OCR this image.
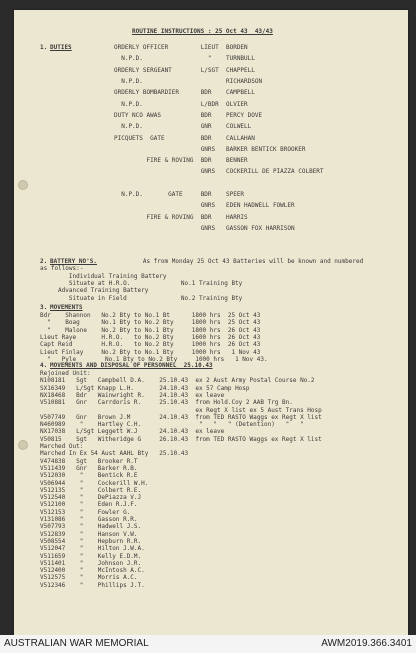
ROUTINE INSTRUCTIONS : 25 Oct 43  43/43
1. DUTIES	ORDERLY OFFICER         LIEUT  BORDEN
N.P.D.                  "    TURNBULL
ORDERLY SERGEANT        L/SGT  CHAPPELL
N.P.D.                       RICHARDSON
ORDERLY BOMBARDIER      BDR    CAMPBELL
N.P.D.                L/BDR  OLVIER
DUTY NCO AWAS           BDR    PERCY DOVE
N.P.D.                GNR    COLWELL
PICQUETS  GATE          BDR    CALLAHAN
GNRS   BARKER BENTICK BROOKER
FIRE & ROVING  BDR    BENNER
GNRS   COCKERILL DE PIAZZA COLBERT
N.P.D.       GATE     BDR    SPEER
GNRS   EDEN HADWELL FOWLER
FIRE & ROVING  BDR    HARRIS
GNRS   GASSON FOX HARRISON
2. BATTERY NO'S.	As from Monday 25 Oct 43 Batteries will be known and numbered
as follows:-
Individual Training Battery
Situate at H.R.O.              No.1 Training Bty
Advanced Training Battery
Situate in Field               No.2 Training Bty
3. MOVEMENTS
Bdr    Shannon   No.2 Bty to No.1 Bt      1800 hrs  25 Oct 43
"    Boag      No.1 Bty to No.2 Bty     1800 hrs  25 Oct 43
"    Malone    No.2 Bty to No.1 Bty     1800 hrs  26 Oct 43
Lieut Raye       H.R.O.   to No.2 Bty     1600 hrs  26 Oct 43
Capt Reid        H.R.O.   to No.2 Bty     1000 hrs  26 Oct 43
Lieut Finlay     No.2 Bty to No.1 Bty     1000 hrs   1 Nov 43
"   Pyle        No.1 Bty to No.2 Bty     1000 hrs   1 Nov 43.
4. MOVEMENTS AND DISPOSAL OF PERSONNEL  25.10.43
Rejoined Unit:
N108181   Sgt   Campbell D.A.    25.10.43  ex 2 Aust Army Postal Course No.2
SX16349   L/Sgt Knapp L.H.       24.10.43  ex 57 Camp Hosp
NX18468   Bdr   Wainwright R.    24.10.43  ex leave
V510881   Gnr   Carrdoris R.     25.10.43  from Hold.Coy 2 AAB Trg Bn.
ex Regt X list ex 5 Aust Trans Hosp
V507749   Gnr   Brown J.M        24.10.43  from TED RASTO Waggs ex Regt X list
N460989    "    Hartley C.H.                "   "   " (Detention)   "   "
NX17038   L/Sgt Leggett W.J      24.10.43  ex leave
V50815    Sgt   Witheridge G     26.10.43  from TED RASTO Waggs ex Regt X list
Marched Out:
Marched In Ex 54 Aust AAHL Bty   25.10.43
V474838   Sgt   Brooker R.T
V511439   Gnr   Barker R.B.
V512030    "    Bentick R.E
V506944    "    Cockerill W.H.
V512135    "    Colbert R.E.
V512540    "    DePiazza V.J
V512100    "    Eden R.J.F.
V512153    "    Fowler G.
V131086    "    Gasson R.R.
V507793    "    Hadwell J.S.
V512839    "    Hanson V.W.
V508554    "    Hepburn R.R.
V512047    "    Hilton J.W.A.
V511659    "    Kelly E.D.M.
V511401    "    Johnson J.R.
V512400    "    McIntosh A.C.
V512575    "    Morris A.C.
V512346    "    Phillips J.T.
AUSTRALIAN WAR MEMORIAL	AWM2019.366.3401
